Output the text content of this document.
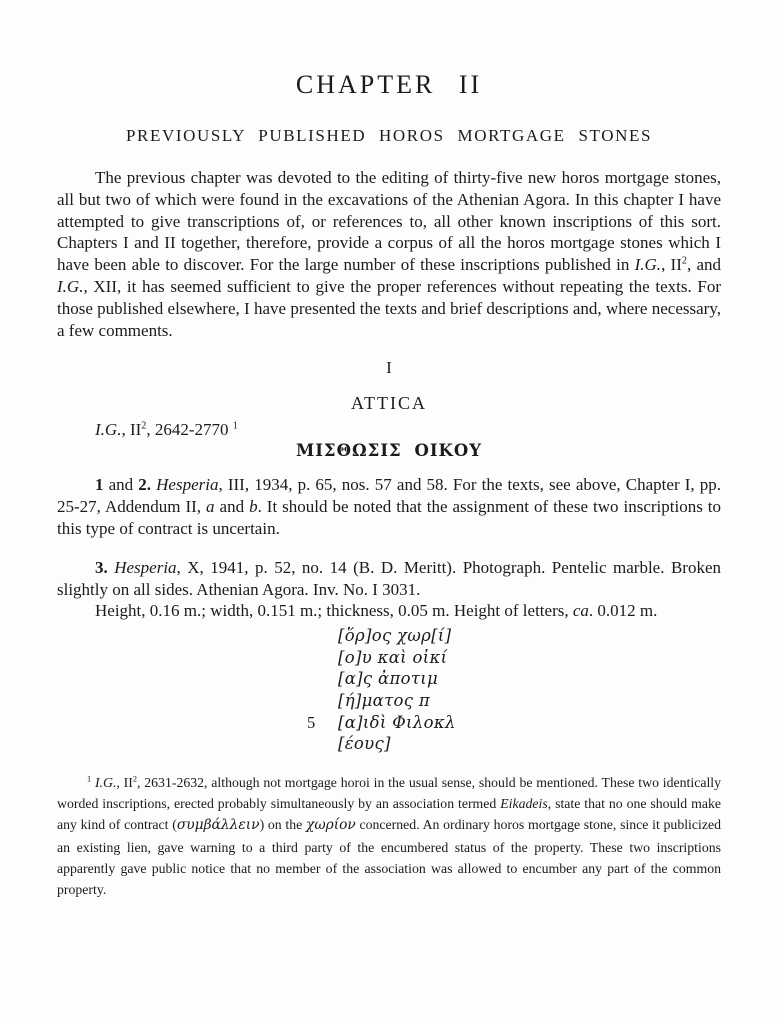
CHAPTER II
PREVIOUSLY PUBLISHED HOROS MORTGAGE STONES

The previous chapter was devoted to the editing of thirty-five new horos mortgage stones, all but two of which were found in the excavations of the Athenian Agora. In this chapter I have attempted to give transcriptions of, or references to, all other known inscriptions of this sort. Chapters I and II together, therefore, provide a corpus of all the horos mortgage stones which I have been able to discover. For the large number of these inscriptions published in I.G., $II^2$, and I.G., XII, it has seemed sufficient to give the proper references without repeating the texts. For those published elsewhere, I have presented the texts and brief descriptions and, where necessary, a few comments.

I
ATTICA

I.G., $II^2$, 2642-2770 $^1$

ΜΙΣΘΩΣΙΣ ΟΙΚΟΥ

1 and 2. Hesperia, III, 1934, p. 65, nos. 57 and 58. For the texts, see above, Chapter I, pp. 25-27, Addendum II, a and b. It should be noted that the assignment of these two inscriptions to this type of contract is uncertain.

3. Hesperia, X, 1941, p. 52, no. 14 (B. D. Meritt). Photograph. Pentelic marble. Broken slightly on all sides. Athenian Agora. Inv. No. I 3031.

Height, 0.16 m.; width, 0.151 m.; thickness, 0.05 m. Height of letters, ca. 0.012 m.

[ὅρ]ος χωρ[ί]
[ο]υ καὶ οἰκί
[α]ς ἀποτιμ
[ή]ματος π
5 [α]ιδὶ Φιλοκλ
[έους]

$^1$ I.G., $II^2$, 2631-2632, although not mortgage horoi in the usual sense, should be mentioned. These two identically worded inscriptions, erected probably simultaneously by an association termed Eikadeis, state that no one should make any kind of contract (συμβάλλειν) on the χωρίον concerned. An ordinary horos mortgage stone, since it publicized an existing lien, gave warning to a third party of the encumbered status of the property. These two inscriptions apparently gave public notice that no member of the association was allowed to encumber any part of the common property.
